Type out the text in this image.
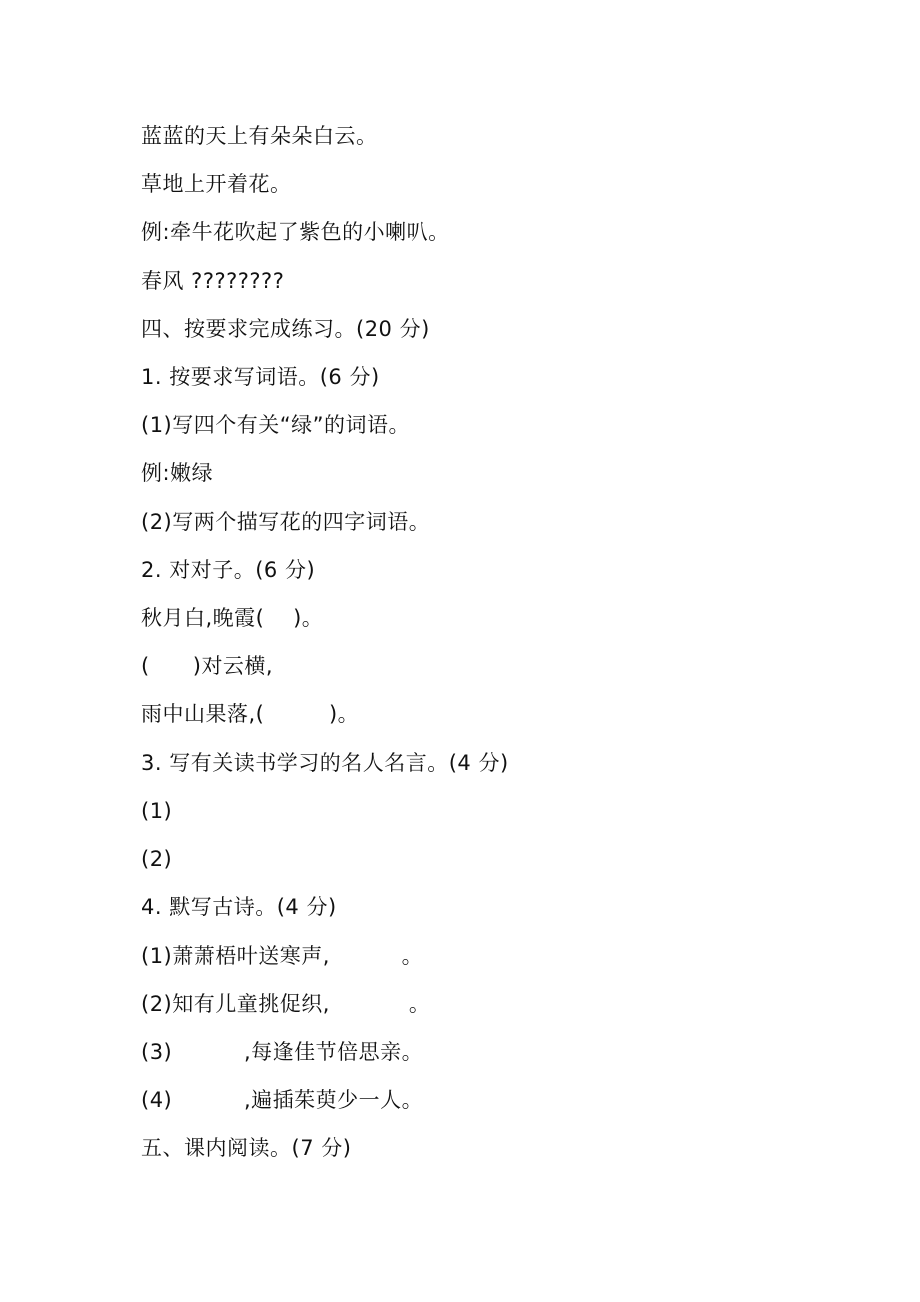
蓝蓝的天上有朵朵白云。
草地上开着花。
例:牵牛花吹起了紫色的小喇叭。
春风 ????????
四、按要求完成练习。(20 分)
1. 按要求写词语。(6 分)
(1)写四个有关“绿”的词语。
例:嫩绿
(2)写两个描写花的四字词语。
2. 对对子。(6 分)
秋月白,晚霞(    )。
(      )对云横,
雨中山果落,(         )。
3. 写有关读书学习的名人名言。(4 分)
(1)
(2)
4. 默写古诗。(4 分)
(1)萧萧梧叶送寒声,          。
(2)知有儿童挑促织,           。
(3)          ,每逢佳节倍思亲。
(4)          ,遍插茱萸少一人。
五、课内阅读。(7 分)
